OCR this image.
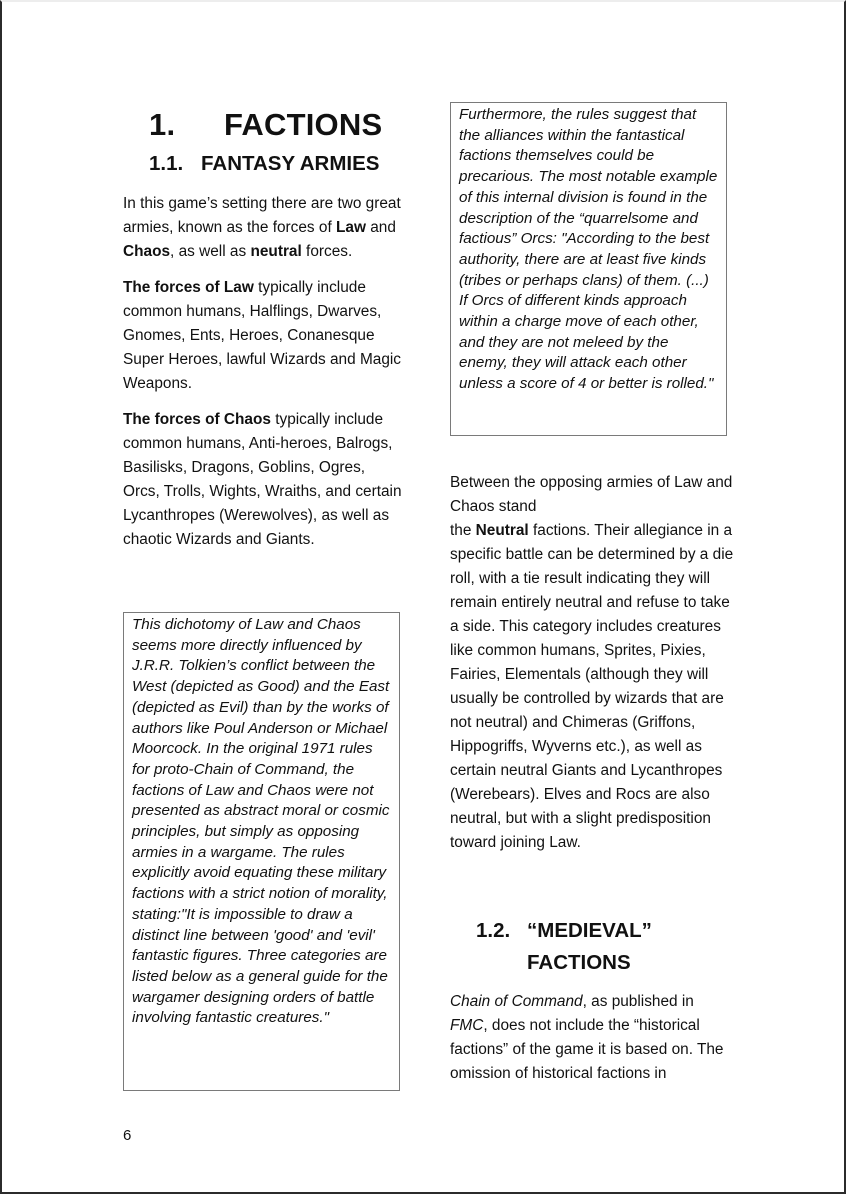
1. FACTIONS
1.1. FANTASY ARMIES

In this game’s setting there are two great armies, known as the forces of Law and Chaos, as well as neutral forces.

The forces of Law typically include common humans, Halflings, Dwarves, Gnomes, Ents, Heroes, Conanesque Super Heroes, lawful Wizards and Magic Weapons.

The forces of Chaos typically include common humans, Anti-heroes, Balrogs, Basilisks, Dragons, Goblins, Ogres, Orcs, Trolls, Wights, Wraiths, and certain Lycanthropes (Werewolves), as well as chaotic Wizards and Giants.

This dichotomy of Law and Chaos seems more directly influenced by J.R.R. Tolkien’s conflict between the West (depicted as Good) and the East (depicted as Evil) than by the works of authors like Poul Anderson or Michael Moorcock. In the original 1971 rules for proto-Chain of Command, the factions of Law and Chaos were not presented as abstract moral or cosmic principles, but simply as opposing armies in a wargame. The rules explicitly avoid equating these military factions with a strict notion of morality, stating:"It is impossible to draw a distinct line between 'good' and 'evil' fantastic figures. Three categories are listed below as a general guide for the wargamer designing orders of battle involving fantastic creatures."
Furthermore, the rules suggest that the alliances within the fantastical factions themselves could be precarious. The most notable example of this internal division is found in the description of the “quarrelsome and factious” Orcs: "According to the best authority, there are at least five kinds (tribes or perhaps clans) of them. (...) If Orcs of different kinds approach within a charge move of each other, and they are not meleed by the enemy, they will attack each other unless a score of 4 or better is rolled."

Between the opposing armies of Law and Chaos stand
the Neutral factions. Their allegiance in a specific battle can be determined by a die roll, with a tie result indicating they will remain entirely neutral and refuse to take a side. This category includes creatures like common humans, Sprites, Pixies, Fairies, Elementals (although they will usually be controlled by wizards that are not neutral) and Chimeras (Griffons, Hippogriffs, Wyverns etc.), as well as certain neutral Giants and Lycanthropes (Werebears). Elves and Rocs are also neutral, but with a slight predisposition toward joining Law.

1.2. “MEDIEVAL”
FACTIONS

Chain of Command, as published in FMC, does not include the “historical factions” of the game it is based on. The omission of historical factions in

6
